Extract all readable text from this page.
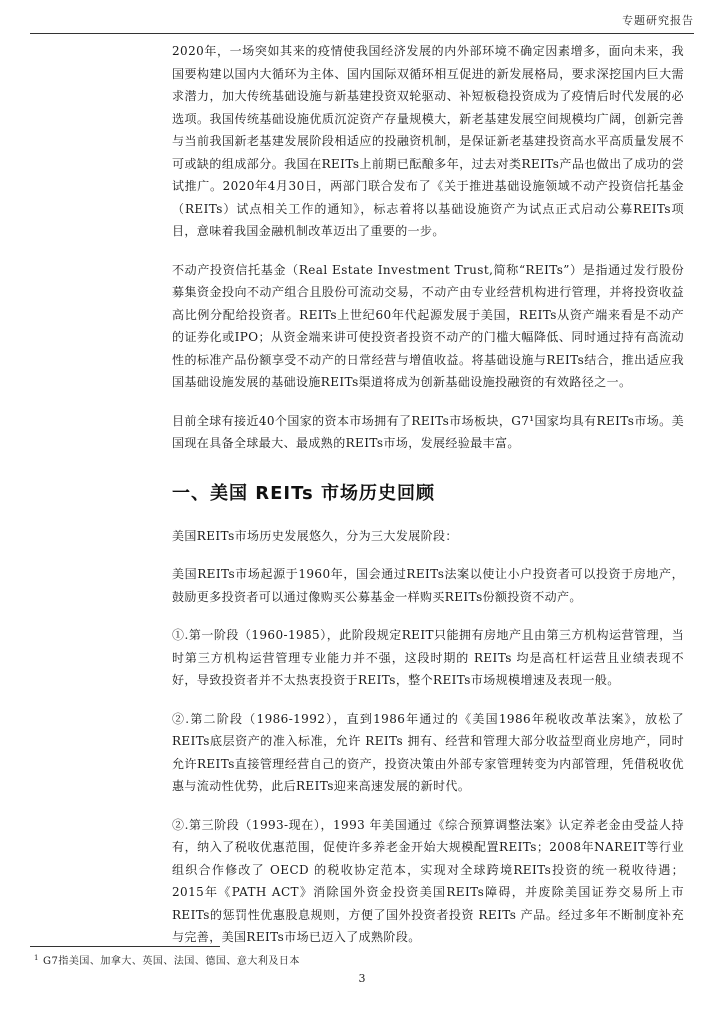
专题研究报告

2020年，一场突如其来的疫情使我国经济发展的内外部环境不确定因素增多，面向未来，我国要构建以国内大循环为主体、国内国际双循环相互促进的新发展格局，要求深挖国内巨大需求潜力，加大传统基础设施与新基建投资双轮驱动、补短板稳投资成为了疫情后时代发展的必选项。我国传统基础设施优质沉淀资产存量规模大，新老基建发展空间规模均广阔，创新完善与当前我国新老基建发展阶段相适应的投融资机制，是保证新老基建投资高水平高质量发展不可或缺的组成部分。我国在REITs上前期已酝酿多年，过去对类REITs产品也做出了成功的尝试推广。2020年4月30日，两部门联合发布了《关于推进基础设施领域不动产投资信托基金（REITs）试点相关工作的通知》，标志着将以基础设施资产为试点正式启动公募REITs项目，意味着我国金融机制改革迈出了重要的一步。

不动产投资信托基金（Real Estate Investment Trust,简称“REITs”）是指通过发行股份募集资金投向不动产组合且股份可流动交易，不动产由专业经营机构进行管理，并将投资收益高比例分配给投资者。REITs上世纪60年代起源发展于美国，REITs从资产端来看是不动产的证券化或IPO；从资金端来讲可使投资者投资不动产的门槛大幅降低、同时通过持有高流动性的标准产品份额享受不动产的日常经营与增值收益。将基础设施与REITs结合，推出适应我国基础设施发展的基础设施REITs渠道将成为创新基础设施投融资的有效路径之一。

目前全球有接近40个国家的资本市场拥有了REITs市场板块，G7¹国家均具有REITs市场。美国现在具备全球最大、最成熟的REITs市场，发展经验最丰富。

一、美国 REITs 市场历史回顾

美国REITs市场历史发展悠久，分为三大发展阶段：

美国REITs市场起源于1960年，国会通过REITs法案以使让小户投资者可以投资于房地产，鼓励更多投资者可以通过像购买公募基金一样购买REITs份额投资不动产。

①.第一阶段（1960-1985），此阶段规定REIT只能拥有房地产且由第三方机构运营管理，当时第三方机构运营管理专业能力并不强，这段时期的 REITs 均是高杠杆运营且业绩表现不好，导致投资者并不太热衷投资于REITs，整个REITs市场规模增速及表现一般。

②.第二阶段（1986-1992），直到1986年通过的《美国1986年税收改革法案》，放松了REITs底层资产的准入标准，允许 REITs 拥有、经营和管理大部分收益型商业房地产，同时允许REITs直接管理经营自己的资产，投资决策由外部专家管理转变为内部管理，凭借税收优惠与流动性优势，此后REITs迎来高速发展的新时代。

②.第三阶段（1993-现在），1993 年美国通过《综合预算调整法案》认定养老金由受益人持有，纳入了税收优惠范围，促使许多养老金开始大规模配置REITs；2008年NAREIT等行业组织合作修改了 OECD 的税收协定范本，实现对全球跨境REITs投资的统一税收待遇；2015年《PATH ACT》消除国外资金投资美国REITs障碍，并废除美国证券交易所上市REITs的惩罚性优惠股息规则，方便了国外投资者投资 REITs 产品。经过多年不断制度补充与完善，美国REITs市场已迈入了成熟阶段。

$^1$ G7指美国、加拿大、英国、法国、德国、意大利及日本
3
